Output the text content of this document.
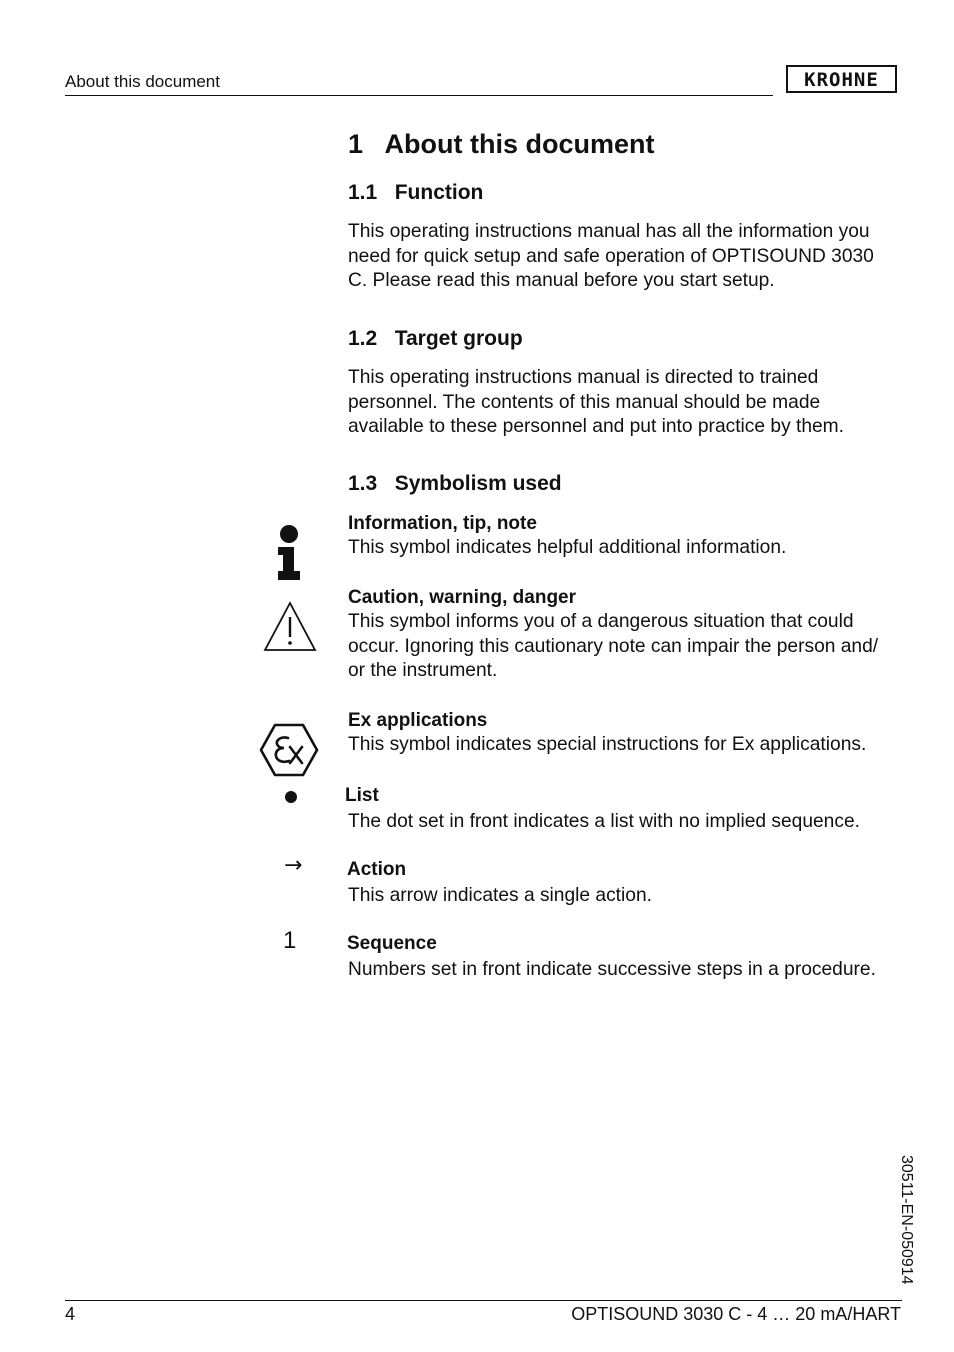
About this document	KROHNE
1 About this document
1.1 Function
This operating instructions manual has all the information you
need for quick setup and safe operation of OPTISOUND 3030
C. Please read this manual before you start setup.
1.2 Target group
This operating instructions manual is directed to trained
personnel. The contents of this manual should be made
available to these personnel and put into practice by them.
1.3 Symbolism used
Information, tip, note
This symbol indicates helpful additional information.
Caution, warning, danger
This symbol informs you of a dangerous situation that could
occur. Ignoring this cautionary note can impair the person and/
or the instrument.
Ex applications
This symbol indicates special instructions for Ex applications.
List
The dot set in front indicates a list with no implied sequence.
→ Action
This arrow indicates a single action.
1	Sequence
Numbers set in front indicate successive steps in a procedure.
30511-EN-050914
4	OPTISOUND 3030 C - 4 … 20 mA/HART
